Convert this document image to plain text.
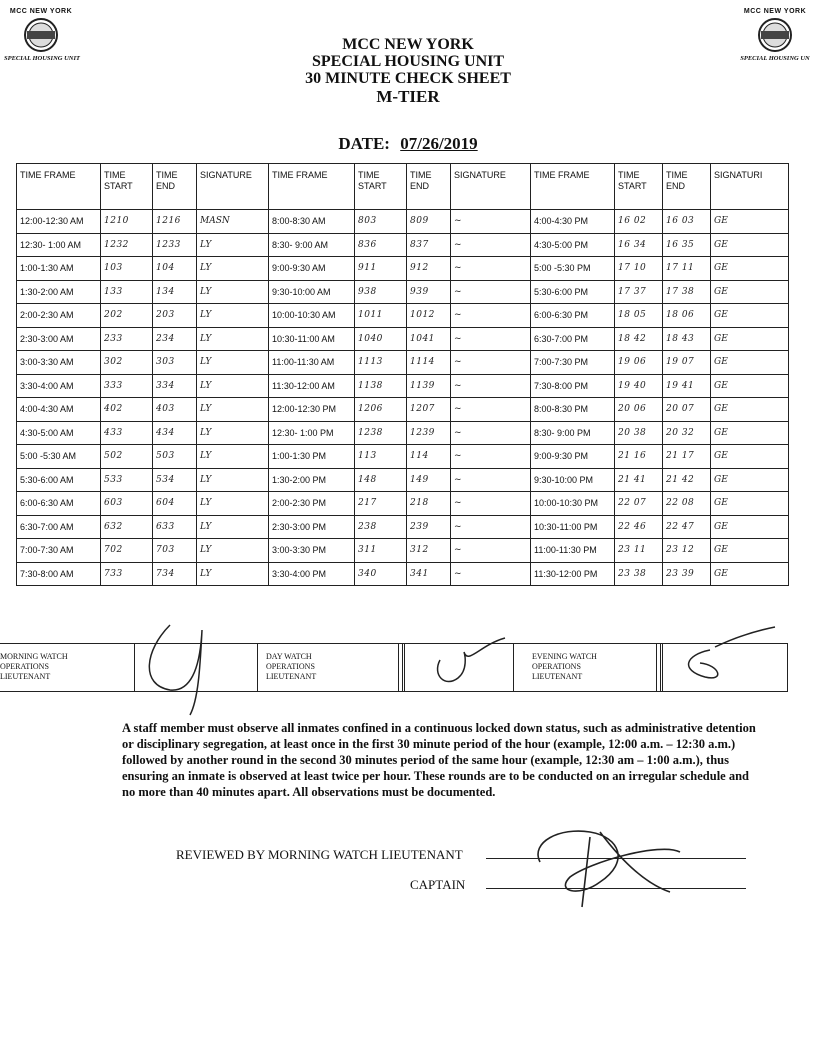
MCC NEW YORK
SPECIAL HOUSING UNIT
MCC NEW YORK
SPECIAL HOUSING UN
MCC NEW YORK
SPECIAL HOUSING UNIT
30 MINUTE CHECK SHEET
M-TIER
DATE: 07/26/2019
TIME FRAME	TIME START	TIME END	SIGNATURE	TIME FRAME	TIME START	TIME END	SIGNATURE	TIME FRAME	TIME START	TIME END	SIGNATURI
12:00-12:30 AM	1210	1216	MASN	8:00-8:30 AM	803	809	~	4:00-4:30 PM	16 02	16 03	GE
12:30- 1:00 AM	1232	1233	LY	8:30- 9:00 AM	836	837	~	4:30-5:00 PM	16 34	16 35	GE
1:00-1:30 AM	103	104	LY	9:00-9:30 AM	911	912	~	5:00 -5:30 PM	17 10	17 11	GE
1:30-2:00 AM	133	134	LY	9:30-10:00 AM	938	939	~	5:30-6:00 PM	17 37	17 38	GE
2:00-2:30 AM	202	203	LY	10:00-10:30 AM	1011	1012	~	6:00-6:30 PM	18 05	18 06	GE
2:30-3:00 AM	233	234	LY	10:30-11:00 AM	1040	1041	~	6:30-7:00 PM	18 42	18 43	GE
3:00-3:30 AM	302	303	LY	11:00-11:30 AM	1113	1114	~	7:00-7:30 PM	19 06	19 07	GE
3:30-4:00 AM	333	334	LY	11:30-12:00 AM	1138	1139	~	7:30-8:00 PM	19 40	19 41	GE
4:00-4:30 AM	402	403	LY	12:00-12:30 PM	1206	1207	~	8:00-8:30 PM	20 06	20 07	GE
4:30-5:00 AM	433	434	LY	12:30- 1:00 PM	1238	1239	~	8:30- 9:00 PM	20 38	20 32	GE
5:00 -5:30 AM	502	503	LY	1:00-1:30 PM	113	114	~	9:00-9:30 PM	21 16	21 17	GE
5:30-6:00 AM	533	534	LY	1:30-2:00 PM	148	149	~	9:30-10:00 PM	21 41	21 42	GE
6:00-6:30 AM	603	604	LY	2:00-2:30 PM	217	218	~	10:00-10:30 PM	22 07	22 08	GE
6:30-7:00 AM	632	633	LY	2:30-3:00 PM	238	239	~	10:30-11:00 PM	22 46	22 47	GE
7:00-7:30 AM	702	703	LY	3:00-3:30 PM	311	312	~	11:00-11:30 PM	23 11	23 12	GE
7:30-8:00 AM	733	734	LY	3:30-4:00 PM	340	341	~	11:30-12:00 PM	23 38	23 39	GE
MORNING WATCH
OPERATIONS
LIEUTENANT
DAY WATCH
OPERATIONS
LIEUTENANT
EVENING WATCH
OPERATIONS
LIEUTENANT
A staff member must observe all inmates confined in a continuous locked down status, such as administrative detention or disciplinary segregation, at least once in the first 30 minute period of the hour (example, 12:00 a.m. – 12:30 a.m.) followed by another round in the second 30 minutes period of the same hour (example, 12:30 am – 1:00 a.m.), thus ensuring an inmate is observed at least twice per hour. These rounds are to be conducted on an irregular schedule and no more than 40 minutes apart. All observations must be documented.
REVIEWED BY MORNING WATCH LIEUTENANT
CAPTAIN
